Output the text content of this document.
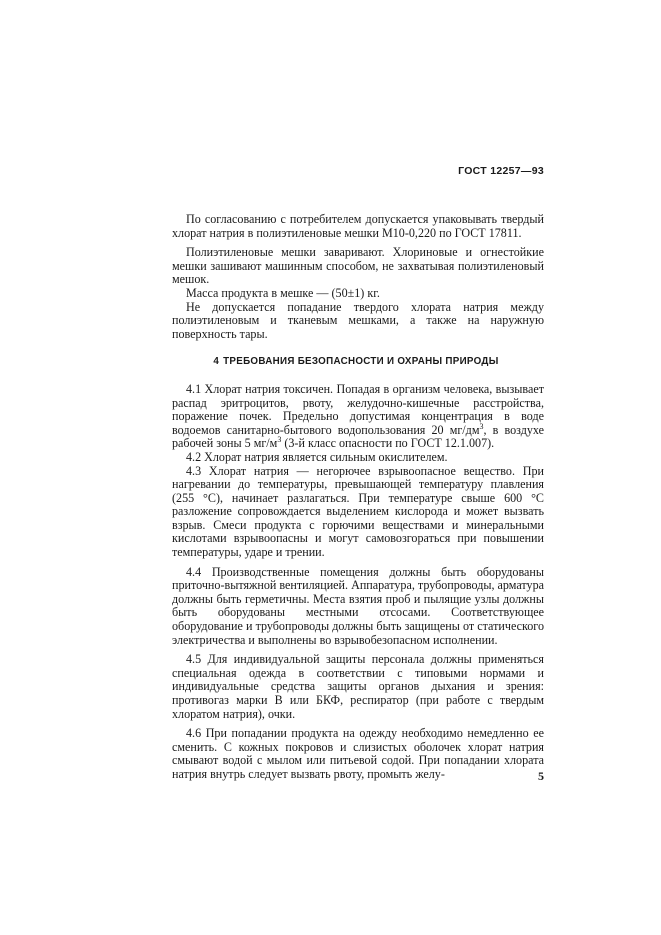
ГОСТ 12257—93

По согласованию с потребителем допускается упаковывать твердый хлорат натрия в полиэтиленовые мешки М10-0,220 по ГОСТ 17811.

Полиэтиленовые мешки заваривают. Хлориновые и огнестойкие мешки зашивают машинным способом, не захватывая полиэтиленовый мешок.

Масса продукта в мешке — (50±1) кг.

Не допускается попадание твердого хлората натрия между полиэтиленовым и тканевым мешками, а также на наружную поверхность тары.

4 ТРЕБОВАНИЯ БЕЗОПАСНОСТИ И ОХРАНЫ ПРИРОДЫ

4.1 Хлорат натрия токсичен. Попадая в организм человека, вызывает распад эритроцитов, рвоту, желудочно-кишечные расстройства, поражение почек. Предельно допустимая концентрация в воде водоемов санитарно-бытового водопользования 20 $мг/дм^3$, в воздухе рабочей зоны 5 $мг/м^3$ (3-й класс опасности по ГОСТ 12.1.007).

4.2 Хлорат натрия является сильным окислителем.

4.3 Хлорат натрия — негорючее взрывоопасное вещество. При нагревании до температуры, превышающей температуру плавления (255 °С), начинает разлагаться. При температуре свыше 600 °С разложение сопровождается выделением кислорода и может вызвать взрыв. Смеси продукта с горючими веществами и минеральными кислотами взрывоопасны и могут самовозгораться при повышении температуры, ударе и трении.

4.4 Производственные помещения должны быть оборудованы приточно-вытяжной вентиляцией. Аппаратура, трубопроводы, арматура должны быть герметичны. Места взятия проб и пылящие узлы должны быть оборудованы местными отсосами. Соответствующее оборудование и трубопроводы должны быть защищены от статического электричества и выполнены во взрывобезопасном исполнении.

4.5 Для индивидуальной защиты персонала должны применяться специальная одежда в соответствии с типовыми нормами и индивидуальные средства защиты органов дыхания и зрения: противогаз марки В или БКФ, респиратор (при работе с твердым хлоратом натрия), очки.

4.6 При попадании продукта на одежду необходимо немедленно ее сменить. С кожных покровов и слизистых оболочек хлорат натрия смывают водой с мылом или питьевой содой. При попадании хлората натрия внутрь следует вызвать рвоту, промыть желу-	5
